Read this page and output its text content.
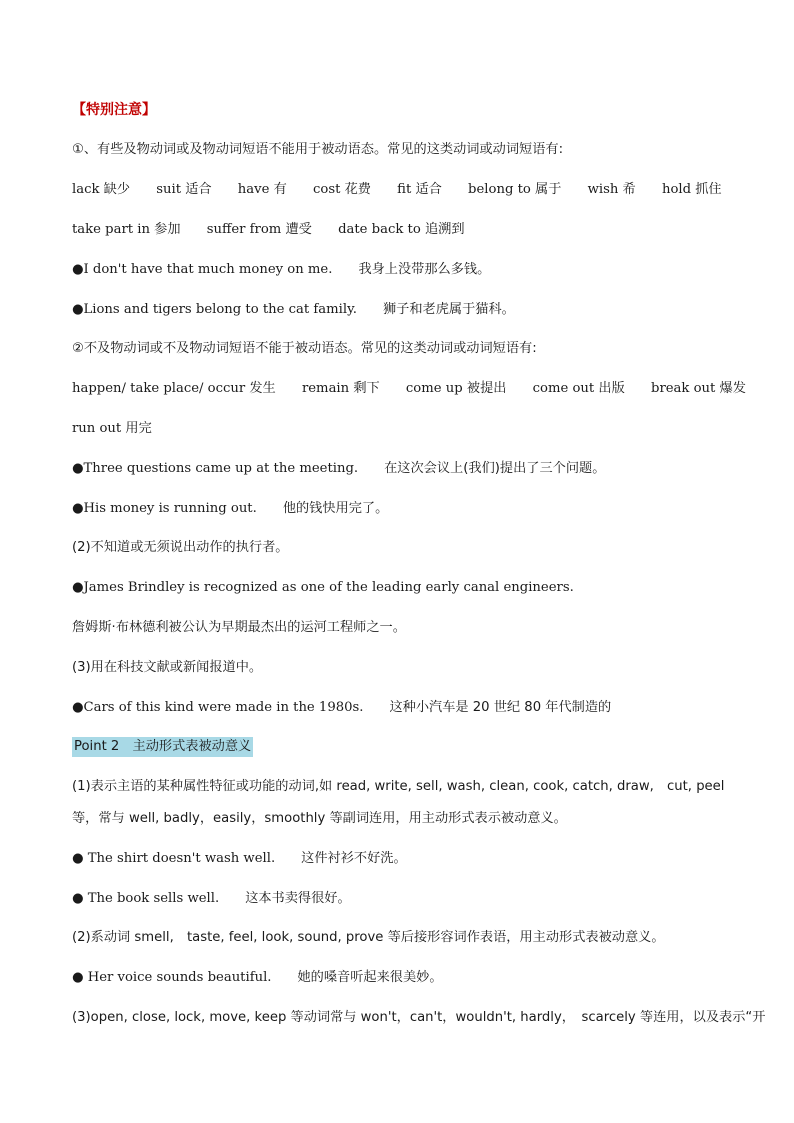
【特别注意】
①、有些及物动词或及物动词短语不能用于被动语态。常见的这类动词或动词短语有:
lack 缺少 suit 适合 have 有 cost 花费 fit 适合 belong to 属于 wish 希 hold 抓住
take part in 参加 suffer from 遭受 date back to 追溯到
●I don't have that much money on me. 我身上没带那么多钱。
●Lions and tigers belong to the cat family. 狮子和老虎属于猫科。
②不及物动词或不及物动词短语不能于被动语态。常见的这类动词或动词短语有:
happen/ take place/ occur 发生 remain 剩下 come up 被提出 come out 出版 break out 爆发
run out 用完
●Three questions came up at the meeting. 在这次会议上(我们)提出了三个问题。
●His money is running out. 他的钱快用完了。
(2)不知道或无须说出动作的执行者。
●James Brindley is recognized as one of the leading early canal engineers.
詹姆斯·布林德利被公认为早期最杰出的运河工程师之一。
(3)用在科技文献或新闻报道中。
●Cars of this kind were made in the 1980s. 这种小汽车是 20 世纪 80 年代制造的
Point 2　主动形式表被动意义
(1)表示主语的某种属性特征或功能的动词,如 read, write, sell, wash, clean, cook, catch, draw,　cut, peel 等，常与 well, badly，easily，smoothly 等副词连用，用主动形式表示被动意义。
● The shirt doesn't wash well. 这件衬衫不好洗。
● The book sells well. 这本书卖得很好。
(2)系动词 smell,　taste, feel, look, sound, prove 等后接形容词作表语，用主动形式表被动意义。
● Her voice sounds beautiful. 她的嗓音听起来很美妙。
(3)open, close, lock, move, keep 等动词常与 won't，can't，wouldn't, hardly，　scarcely 等连用，以及表示“开
